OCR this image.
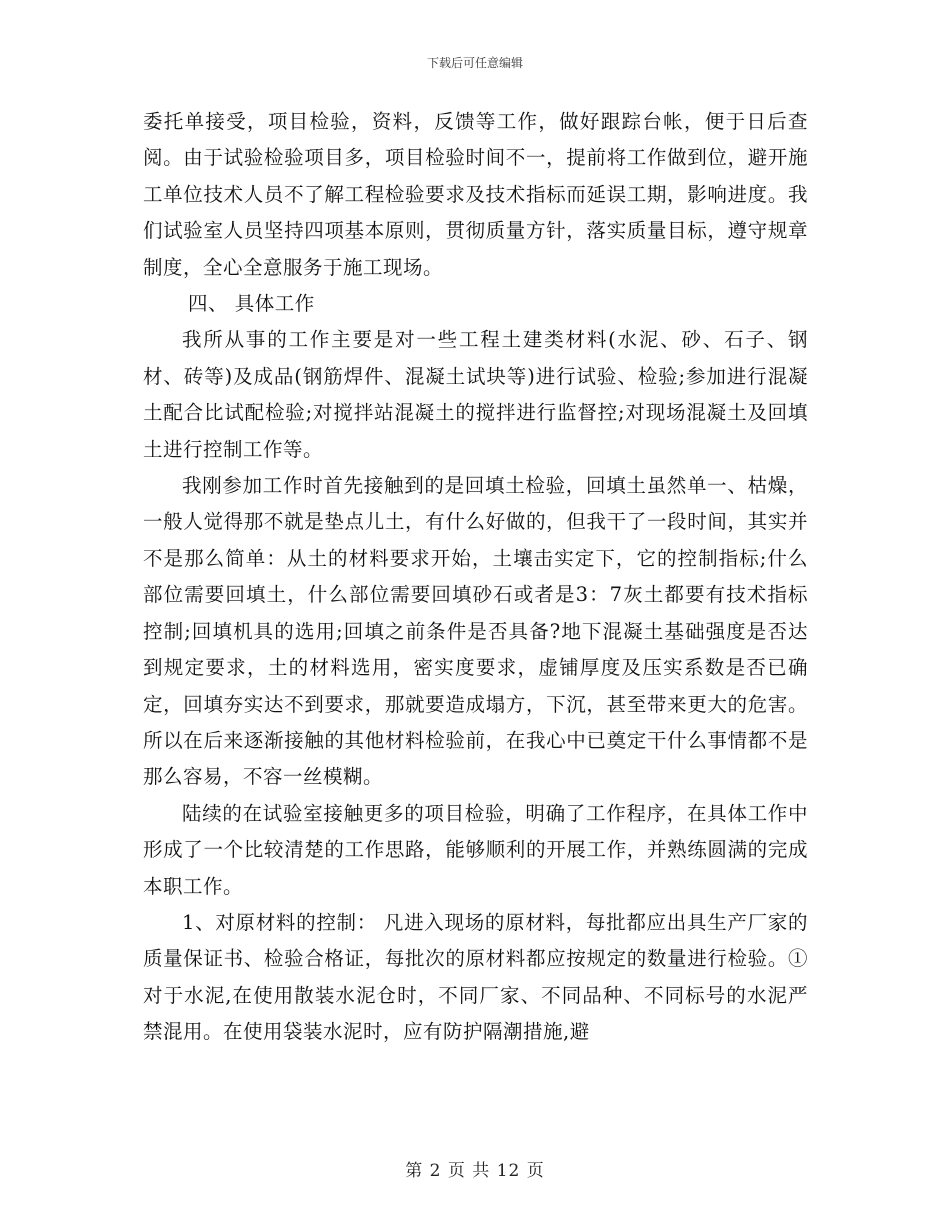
下载后可任意编辑

委托单接受，项目检验，资料，反馈等工作，做好跟踪台帐，便于日后查阅。由于试验检验项目多，项目检验时间不一，提前将工作做到位，避开施工单位技术人员不了解工程检验要求及技术指标而延误工期，影响进度。我们试验室人员坚持四项基本原则，贯彻质量方针，落实质量目标，遵守规章制度，全心全意服务于施工现场。

四、 具体工作

我所从事的工作主要是对一些工程土建类材料(水泥、砂、石子、钢材、砖等)及成品(钢筋焊件、混凝土试块等)进行试验、检验;参加进行混凝土配合比试配检验;对搅拌站混凝土的搅拌进行监督控;对现场混凝土及回填土进行控制工作等。

我刚参加工作时首先接触到的是回填土检验，回填土虽然单一、枯燥，一般人觉得那不就是垫点儿土，有什么好做的，但我干了一段时间，其实并不是那么简单：从土的材料要求开始，土壤击实定下，它的控制指标;什么部位需要回填土，什么部位需要回填砂石或者是3：7灰土都要有技术指标控制;回填机具的选用;回填之前条件是否具备?地下混凝土基础强度是否达到规定要求，土的材料选用，密实度要求，虚铺厚度及压实系数是否已确定，回填夯实达不到要求，那就要造成塌方，下沉，甚至带来更大的危害。所以在后来逐渐接触的其他材料检验前，在我心中已奠定干什么事情都不是那么容易，不容一丝模糊。

陆续的在试验室接触更多的项目检验，明确了工作程序，在具体工作中形成了一个比较清楚的工作思路，能够顺利的开展工作，并熟练圆满的完成本职工作。

1、对原材料的控制： 凡进入现场的原材料，每批都应出具生产厂家的质量保证书、检验合格证，每批次的原材料都应按规定的数量进行检验。①对于水泥,在使用散装水泥仓时，不同厂家、不同品种、不同标号的水泥严禁混用。在使用袋装水泥时，应有防护隔潮措施,避

第 2 页 共 12 页
